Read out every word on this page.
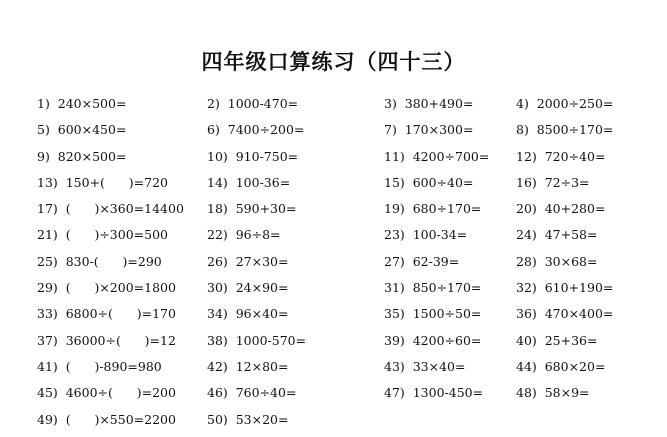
四年级口算练习（四十三）
1)  240×500=	2)  1000-470=	3)  380+490=	4)  2000÷250=
5)  600×450=	6)  7400÷200=	7)  170×300=	8)  8500÷170=
9)  820×500=	10)  910-750=	11)  4200÷700= 12)  720÷40=
13)  150+(      )=720	14)  100-36=	15)  600÷40=	16)  72÷3=
17)  (      )×360=14400 18)  590+30=	19)  680÷170=	20)  40+280=
21)  (      )÷300=500	22)  96÷8=	23)  100-34=	24)  47+58=
25)  830-(      )=290	26)  27×30=	27)  62-39=	28)  30×68=
29)  (      )×200=1800 30)  24×90=	31)  850÷170=	32)  610+190=
33)  6800÷(      )=170 34)  96×40=	35)  1500÷50=	36)  470×400=
37)  36000÷(      )=12 38)  1000-570=	39)  4200÷60=	40)  25+36=
41)  (      )-890=980	42)  12×80=	43)  33×40=	44)  680×20=
45)  4600÷(      )=200 46)  760÷40=	47)  1300-450=	48)  58×9=
49)  (      )×550=2200 50)  53×20=
